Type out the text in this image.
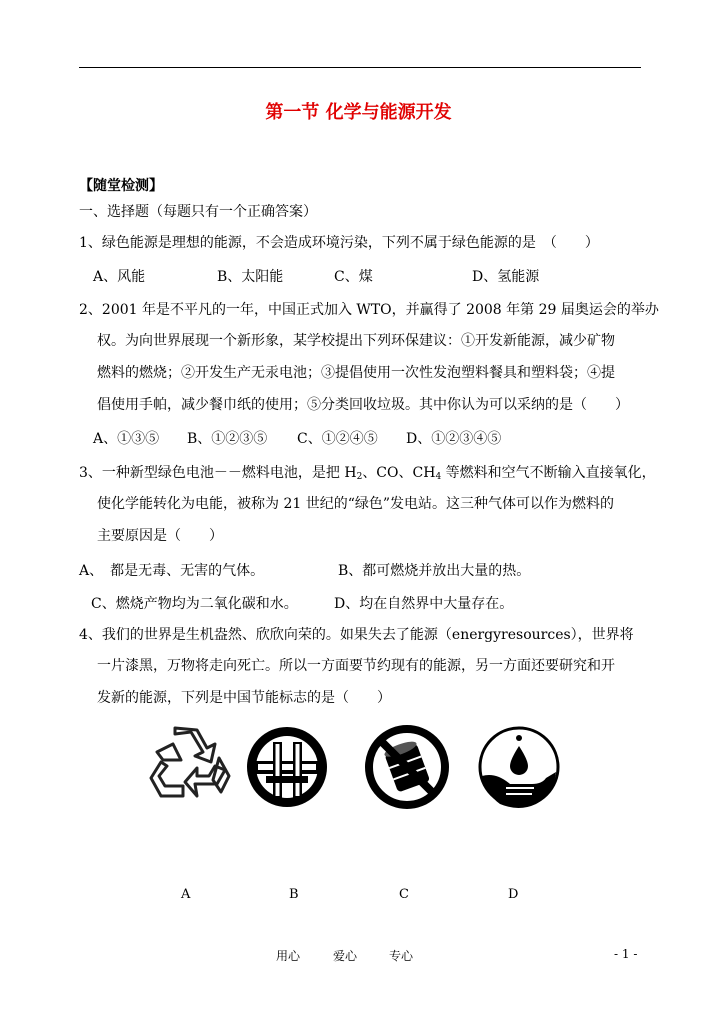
第一节 化学与能源开发
【随堂检测】
一、选择题（每题只有一个正确答案）
1、绿色能源是理想的能源，不会造成环境污染，下列不属于绿色能源的是　（　　）
A、风能	B、太阳能	C、煤	D、氢能源
2、2001 年是不平凡的一年，中国正式加入 WTO，并赢得了 2008 年第 29 届奥运会的举办
权。为向世界展现一个新形象，某学校提出下列环保建议：①开发新能源，减少矿物
燃料的燃烧；②开发生产无汞电池；③提倡使用一次性发泡塑料餐具和塑料袋；④提
倡使用手帕，减少餐巾纸的使用；⑤分类回收垃圾。其中你认为可以采纳的是（　　）
A、①③⑤ B、①②③⑤ C、①②④⑤ D、①②③④⑤
3、一种新型绿色电池－－燃料电池，是把 $H_2$、CO、$CH_4$ 等燃料和空气不断输入直接氧化，
使化学能转化为电能，被称为 21 世纪的“绿色”发电站。这三种气体可以作为燃料的
主要原因是（　　）
A、　都是无毒、无害的气体。	B、都可燃烧并放出大量的热。
C、燃烧产物均为二氧化碳和水。	D、均在自然界中大量存在。
4、我们的世界是生机盎然、欣欣向荣的。如果失去了能源（energyresources），世界将
一片漆黑，万物将走向死亡。所以一方面要节约现有的能源，另一方面还要研究和开
发新的能源，下列是中国节能标志的是（　　）
A	B	C	D
用心	爱心	专心	- 1 -
